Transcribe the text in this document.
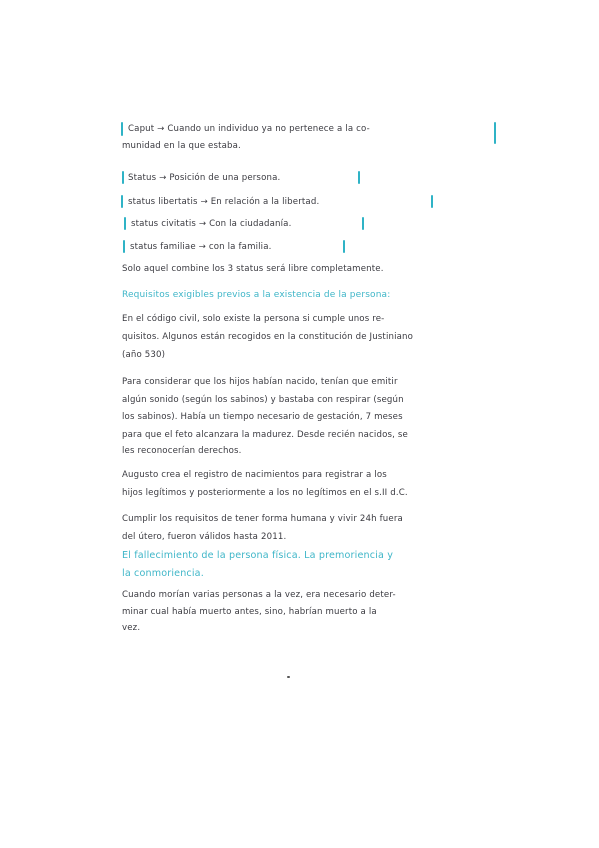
Caput → Cuando un individuo ya no pertenece a la co-
munidad en la que estaba.
Status → Posición de una persona.
status libertatis → En relación a la libertad.
status civitatis → Con la ciudadanía.
status familiae → con la familia.
Solo aquel combine los 3 status será libre completamente.
Requisitos exigibles previos a la existencia de la persona:
En el código civil, solo existe la persona si cumple unos re-
quisitos. Algunos están recogidos en la constitución de Justiniano
(año 530)
Para considerar que los hijos habían nacido, tenían que emitir
algún sonido (según los sabinos) y bastaba con respirar (según
los sabinos). Había un tiempo necesario de gestación, 7 meses
para que el feto alcanzara la madurez. Desde recién nacidos, se
les reconocerían derechos.
Augusto crea el registro de nacimientos para registrar a los
hijos legítimos y posteriormente a los no legítimos en el s.II d.C.
Cumplir los requisitos de tener forma humana y vivir 24h fuera
del útero, fueron válidos hasta 2011.
El fallecimiento de la persona física. La premoriencia y
la conmoriencia.
Cuando morían varias personas a la vez, era necesario deter-
minar cual había muerto antes, sino, habrían muerto a la
vez.
